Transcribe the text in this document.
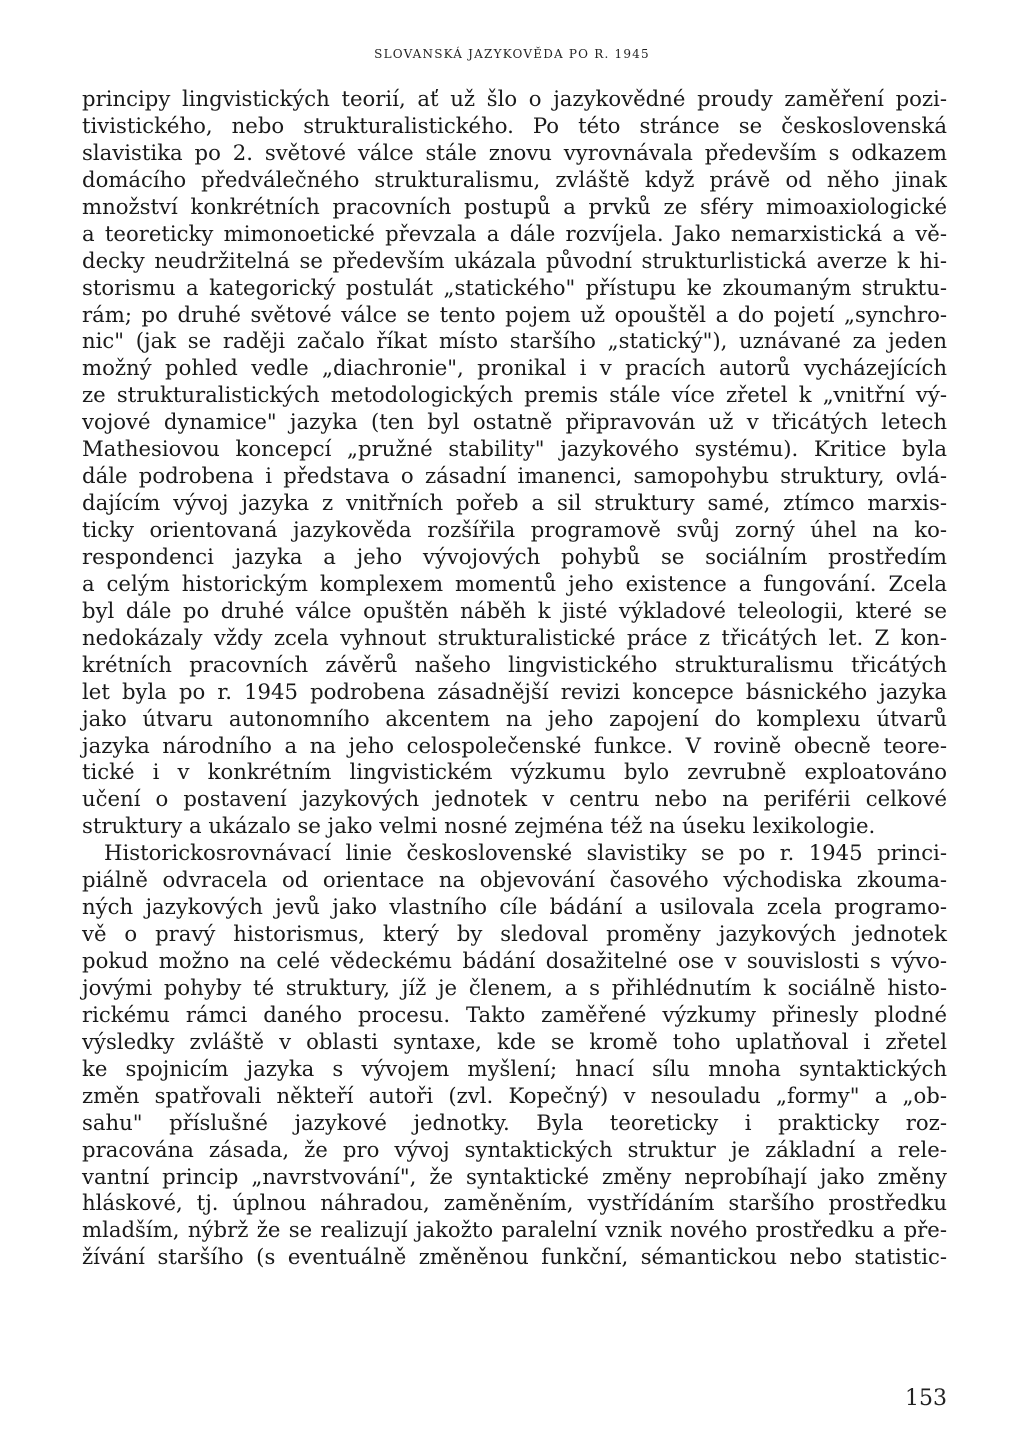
SLOVANSKÁ JAZYKOVĚDA PO R. 1945
principy lingvistických teorií, ať už šlo o jazykovědné proudy zaměření pozi-
tivistického, nebo strukturalistického. Po této stránce se československá
slavistika po 2. světové válce stále znovu vyrovnávala především s odkazem
domácího předválečného strukturalismu, zvláště když právě od něho jinak
množství konkrétních pracovních postupů a prvků ze sféry mimoaxiologické
a teoreticky mimonoetické převzala a dále rozvíjela. Jako nemarxistická a vě-
decky neudržitelná se především ukázala původní strukturlistická averze k hi-
storismu a kategorický postulát „statického" přístupu ke zkoumaným struktu-
rám; po druhé světové válce se tento pojem už opouštěl a do pojetí „synchro-
nic" (jak se raději začalo říkat místo staršího „statický"), uznávané za jeden
možný pohled vedle „diachronie", pronikal i v pracích autorů vycházejících
ze strukturalistických metodologických premis stále více zřetel k „vnitřní vý-
vojové dynamice" jazyka (ten byl ostatně připravován už v třicátých letech
Mathesiovou koncepcí „pružné stability" jazykového systému). Kritice byla
dále podrobena i představa o zásadní imanenci, samopohybu struktury, ovlá-
dajícím vývoj jazyka z vnitřních pořeb a sil struktury samé, ztímco marxis-
ticky orientovaná jazykověda rozšířila programově svůj zorný úhel na ko-
respondenci jazyka a jeho vývojových pohybů se sociálním prostředím
a celým historickým komplexem momentů jeho existence a fungování. Zcela
byl dále po druhé válce opuštěn náběh k jisté výkladové teleologii, které se
nedokázaly vždy zcela vyhnout strukturalistické práce z třicátých let. Z kon-
krétních pracovních závěrů našeho lingvistického strukturalismu třicátých
let byla po r. 1945 podrobena zásadnější revizi koncepce básnického jazyka
jako útvaru autonomního akcentem na jeho zapojení do komplexu útvarů
jazyka národního a na jeho celospolečenské funkce. V rovině obecně teore-
tické i v konkrétním lingvistickém výzkumu bylo zevrubně exploatováno
učení o postavení jazykových jednotek v centru nebo na periférii celkové
struktury a ukázalo se jako velmi nosné zejména též na úseku lexikologie.
Historickosrovnávací linie československé slavistiky se po r. 1945 princi-
piálně odvracela od orientace na objevování časového východiska zkouma-
ných jazykových jevů jako vlastního cíle bádání a usilovala zcela programo-
vě o pravý historismus, který by sledoval proměny jazykových jednotek
pokud možno na celé vědeckému bádání dosažitelné ose v souvislosti s vývo-
jovými pohyby té struktury, jíž je členem, a s přihlédnutím k sociálně histo-
rickému rámci daného procesu. Takto zaměřené výzkumy přinesly plodné
výsledky zvláště v oblasti syntaxe, kde se kromě toho uplatňoval i zřetel
ke spojnicím jazyka s vývojem myšlení; hnací sílu mnoha syntaktických
změn spatřovali někteří autoři (zvl. Kopečný) v nesouladu „formy" a „ob-
sahu" příslušné jazykové jednotky. Byla teoreticky i prakticky roz-
pracována zásada, že pro vývoj syntaktických struktur je základní a rele-
vantní princip „navrstvování", že syntaktické změny neprobíhají jako změny
hláskové, tj. úplnou náhradou, zaměněním, vystřídáním staršího prostředku
mladším, nýbrž že se realizují jakožto paralelní vznik nového prostředku a pře-
žívání staršího (s eventuálně změněnou funkční, sémantickou nebo statistic-
153
